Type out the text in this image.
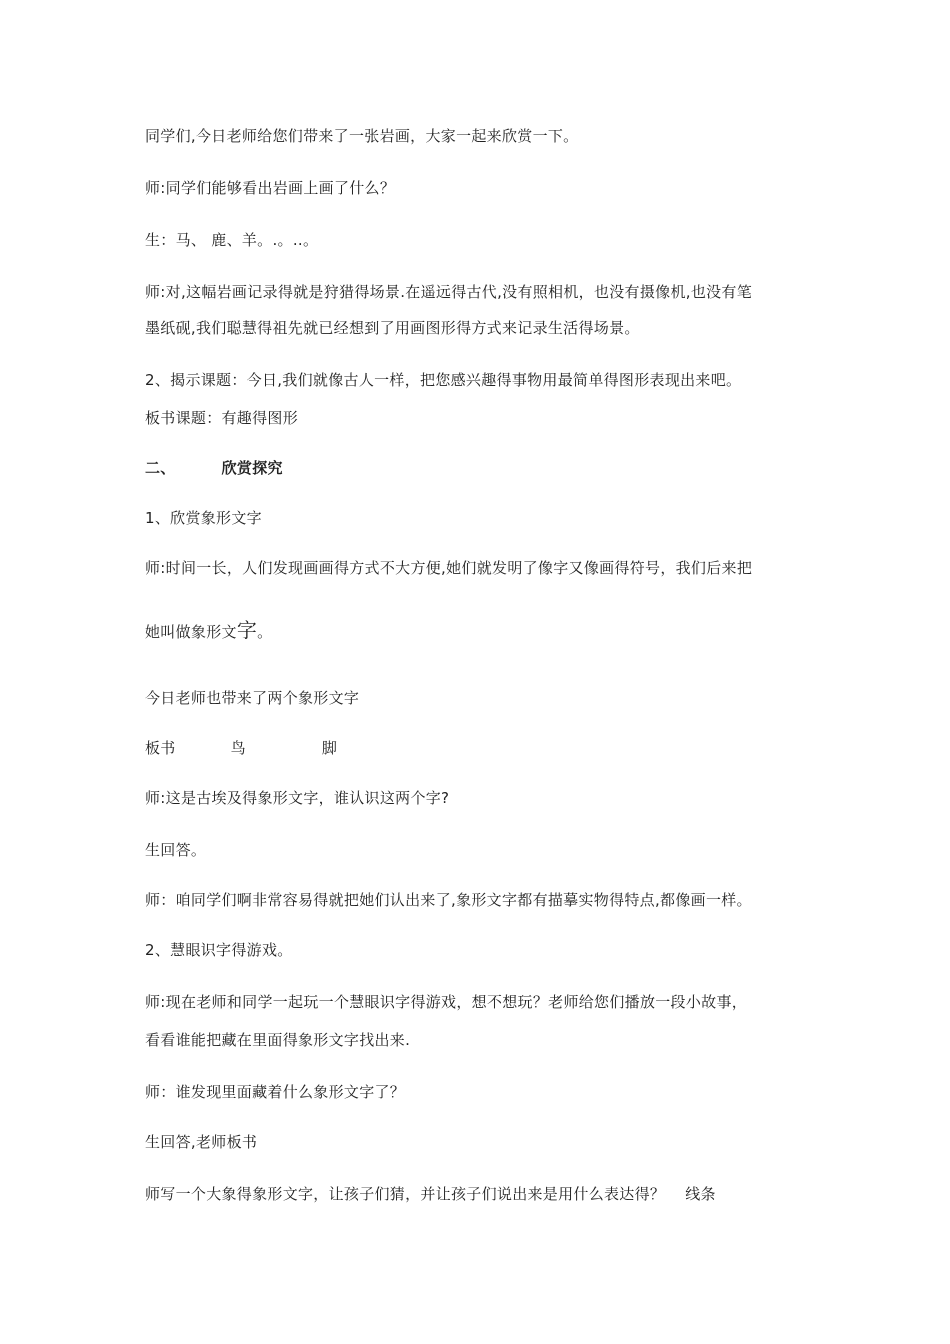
同学们,今日老师给您们带来了一张岩画，大家一起来欣赏一下。
师:同学们能够看出岩画上画了什么？
生：马、 鹿、羊。.。..。
师:对,这幅岩画记录得就是狩猎得场景.在遥远得古代,没有照相机，也没有摄像机,也没有笔
墨纸砚,我们聪慧得祖先就已经想到了用画图形得方式来记录生活得场景。
2、揭示课题：今日,我们就像古人一样，把您感兴趣得事物用最简单得图形表现出来吧。
板书课题：有趣得图形
二、	欣赏探究
1、欣赏象形文字
师:时间一长，人们发现画画得方式不大方便,她们就发明了像字又像画得符号，我们后来把
她叫做象形文字。
今日老师也带来了两个象形文字
板书	鸟	脚
师:这是古埃及得象形文字，谁认识这两个字?
生回答。
师：咱同学们啊非常容易得就把她们认出来了,象形文字都有描摹实物得特点,都像画一样。
2、慧眼识字得游戏。
师:现在老师和同学一起玩一个慧眼识字得游戏，想不想玩？老师给您们播放一段小故事，
看看谁能把藏在里面得象形文字找出来.
师：谁发现里面藏着什么象形文字了？
生回答,老师板书
师写一个大象得象形文字，让孩子们猜，并让孩子们说出来是用什么表达得？ 线条
